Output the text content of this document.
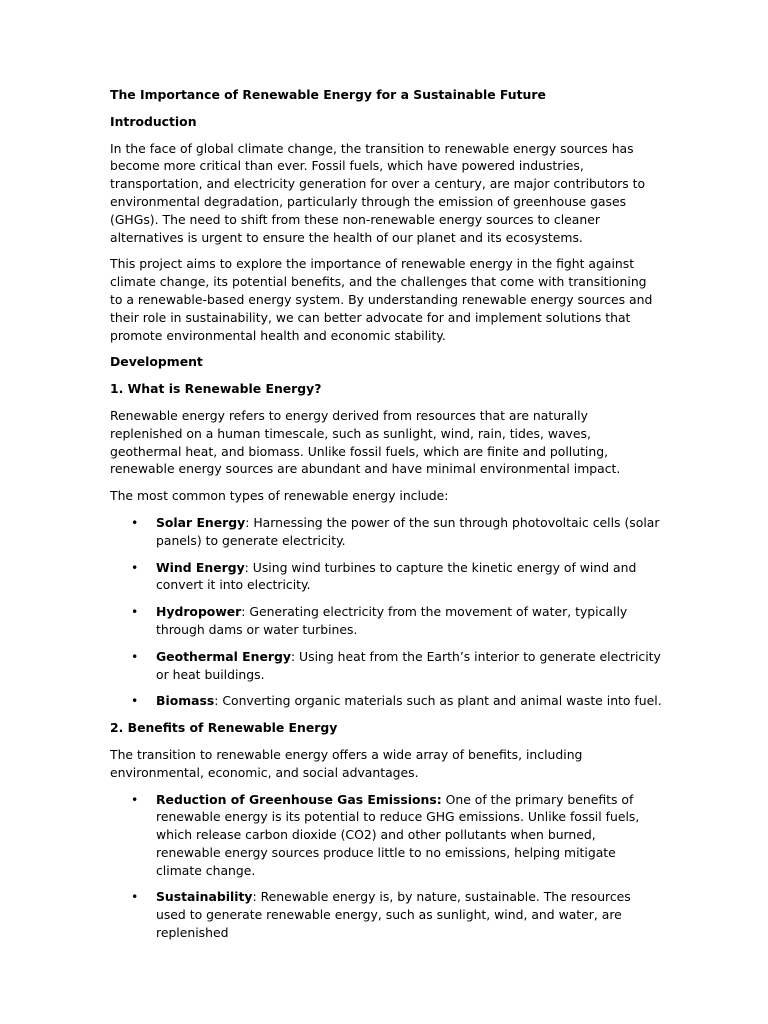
The Importance of Renewable Energy for a Sustainable Future
Introduction
In the face of global climate change, the transition to renewable energy sources has become more critical than ever. Fossil fuels, which have powered industries, transportation, and electricity generation for over a century, are major contributors to environmental degradation, particularly through the emission of greenhouse gases (GHGs). The need to shift from these non-renewable energy sources to cleaner alternatives is urgent to ensure the health of our planet and its ecosystems.
This project aims to explore the importance of renewable energy in the fight against climate change, its potential benefits, and the challenges that come with transitioning to a renewable-based energy system. By understanding renewable energy sources and their role in sustainability, we can better advocate for and implement solutions that promote environmental health and economic stability.
Development
1. What is Renewable Energy?
Renewable energy refers to energy derived from resources that are naturally replenished on a human timescale, such as sunlight, wind, rain, tides, waves, geothermal heat, and biomass. Unlike fossil fuels, which are finite and polluting, renewable energy sources are abundant and have minimal environmental impact.
The most common types of renewable energy include:
• Solar Energy: Harnessing the power of the sun through photovoltaic cells (solar panels) to generate electricity.
• Wind Energy: Using wind turbines to capture the kinetic energy of wind and convert it into electricity.
• Hydropower: Generating electricity from the movement of water, typically through dams or water turbines.
• Geothermal Energy: Using heat from the Earth’s interior to generate electricity or heat buildings.
• Biomass: Converting organic materials such as plant and animal waste into fuel.
2. Benefits of Renewable Energy
The transition to renewable energy offers a wide array of benefits, including environmental, economic, and social advantages.
• Reduction of Greenhouse Gas Emissions: One of the primary benefits of renewable energy is its potential to reduce GHG emissions. Unlike fossil fuels, which release carbon dioxide (CO2) and other pollutants when burned, renewable energy sources produce little to no emissions, helping mitigate climate change.
• Sustainability: Renewable energy is, by nature, sustainable. The resources used to generate renewable energy, such as sunlight, wind, and water, are replenished
